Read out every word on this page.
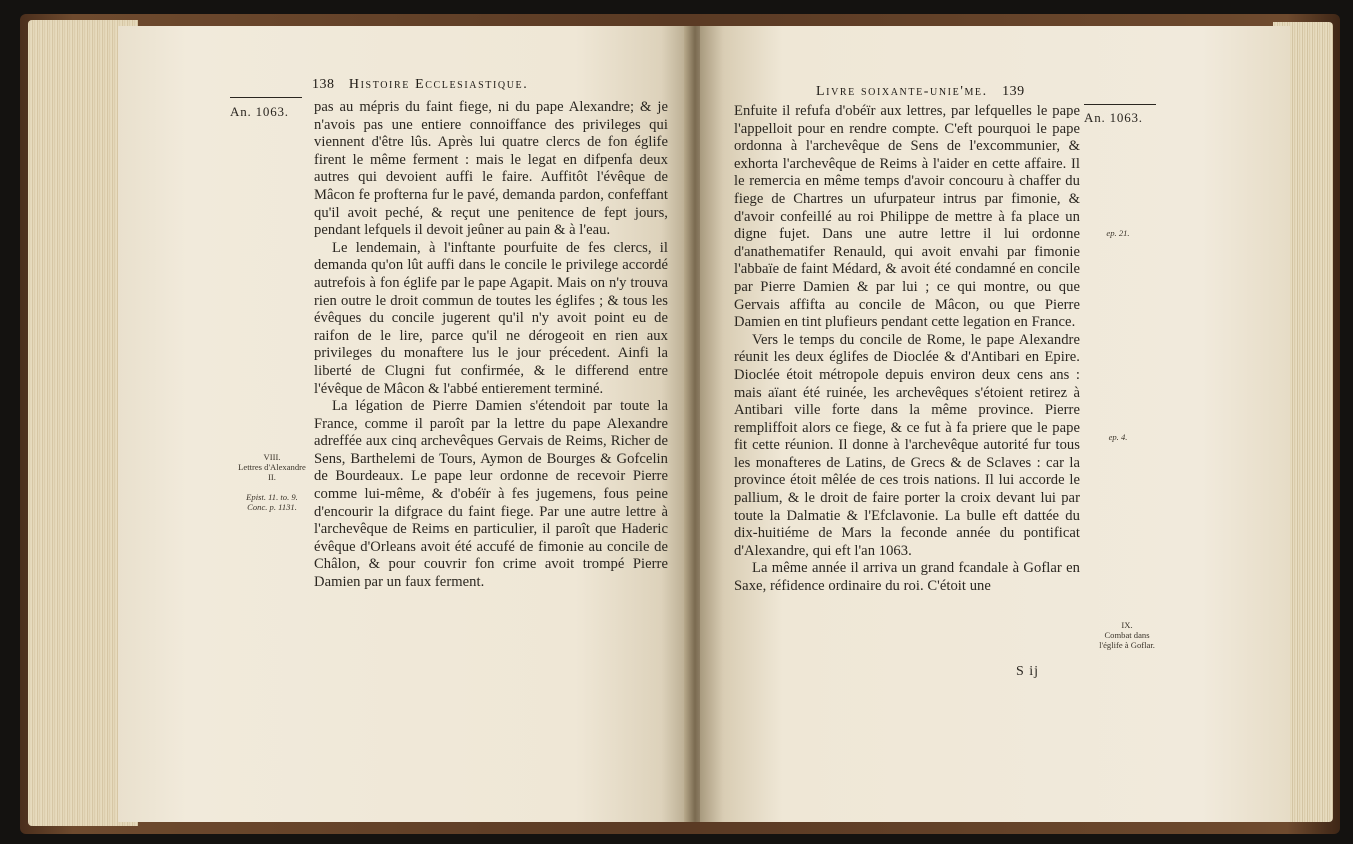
An. 1063.
138 Histoire Ecclesiastique.

pas au mépris du faint fiege, ni du pape Alexandre; & je n'avois pas une entiere connoiffance des privileges qui viennent d'être lûs. Après lui quatre clercs de fon églife firent le même ferment : mais le legat en difpenfa deux autres qui devoient auffi le faire. Auffitôt l'évêque de Mâcon fe profterna fur le pavé, demanda pardon, confeffant qu'il avoit peché, & reçut une penitence de fept jours, pendant lefquels il devoit jeûner au pain & à l'eau.

Le lendemain, à l'inftante pourfuite de fes clercs, il demanda qu'on lût auffi dans le concile le privilege accordé autrefois à fon églife par le pape Agapit. Mais on n'y trouva rien outre le droit commun de toutes les églifes ; & tous les évêques du concile jugerent qu'il n'y avoit point eu de raifon de le lire, parce qu'il ne dérogeoit en rien aux privileges du monaftere lus le jour précedent. Ainfi la liberté de Clugni fut confirmée, & le differend entre l'évêque de Mâcon & l'abbé entierement terminé.

La légation de Pierre Damien s'étendoit par toute la France, comme il paroît par la lettre du pape Alexandre adreffée aux cinq archevêques Gervais de Reims, Richer de Sens, Barthelemi de Tours, Aymon de Bourges & Gofcelin de Bourdeaux. Le pape leur ordonne de recevoir Pierre comme lui-même, & d'obéïr à fes jugemens, fous peine d'encourir la difgrace du faint fiege. Par une autre lettre à l'archevêque de Reims en particulier, il paroît que Haderic évêque d'Orleans avoit été accufé de fimonie au concile de Châlon, & pour couvrir fon crime avoit trompé Pierre Damien par un faux ferment.

VIII.
Lettres d'Alexandre II.
Epist. 11. to. 9.
Conc. p. 1131.
Livre soixante-unie'me. 139
An. 1063.

Enfuite il refufa d'obéïr aux lettres, par lefquelles le pape l'appelloit pour en rendre compte. C'eft pourquoi le pape ordonna à l'archevêque de Sens de l'excommunier, & exhorta l'archevêque de Reims à l'aider en cette affaire. Il le remercia en même temps d'avoir concouru à chaffer du fiege de Chartres un ufurpateur intrus par fimonie, & d'avoir confeillé au roi Philippe de mettre à fa place un digne fujet. Dans une autre lettre il lui ordonne d'anathematifer Renauld, qui avoit envahi par fimonie l'abbaïe de faint Médard, & avoit été condamné en concile par Pierre Damien & par lui ; ce qui montre, ou que Gervais affifta au concile de Mâcon, ou que Pierre Damien en tint plufieurs pendant cette legation en France.

Vers le temps du concile de Rome, le pape Alexandre réunit les deux églifes de Dioclée & d'Antibari en Epire. Dioclée étoit métropole depuis environ deux cens ans : mais aïant été ruinée, les archevêques s'étoient retirez à Antibari ville forte dans la même province. Pierre rempliffoit alors ce fiege, & ce fut à fa priere que le pape fit cette réunion. Il donne à l'archevêque autorité fur tous les monafteres de Latins, de Grecs & de Sclaves : car la province étoit mêlée de ces trois nations. Il lui accorde le pallium, & le droit de faire porter la croix devant lui par toute la Dalmatie & l'Efclavonie. La bulle eft dattée du dix-huitiéme de Mars la feconde année du pontificat d'Alexandre, qui eft l'an 1063.

La même année il arriva un grand fcandale à Goflar en Saxe, réfidence ordinaire du roi. C'étoit une

ep. 21.
ep. 4.
IX.
Combat dans
l'églife à Goflar.
S ij
